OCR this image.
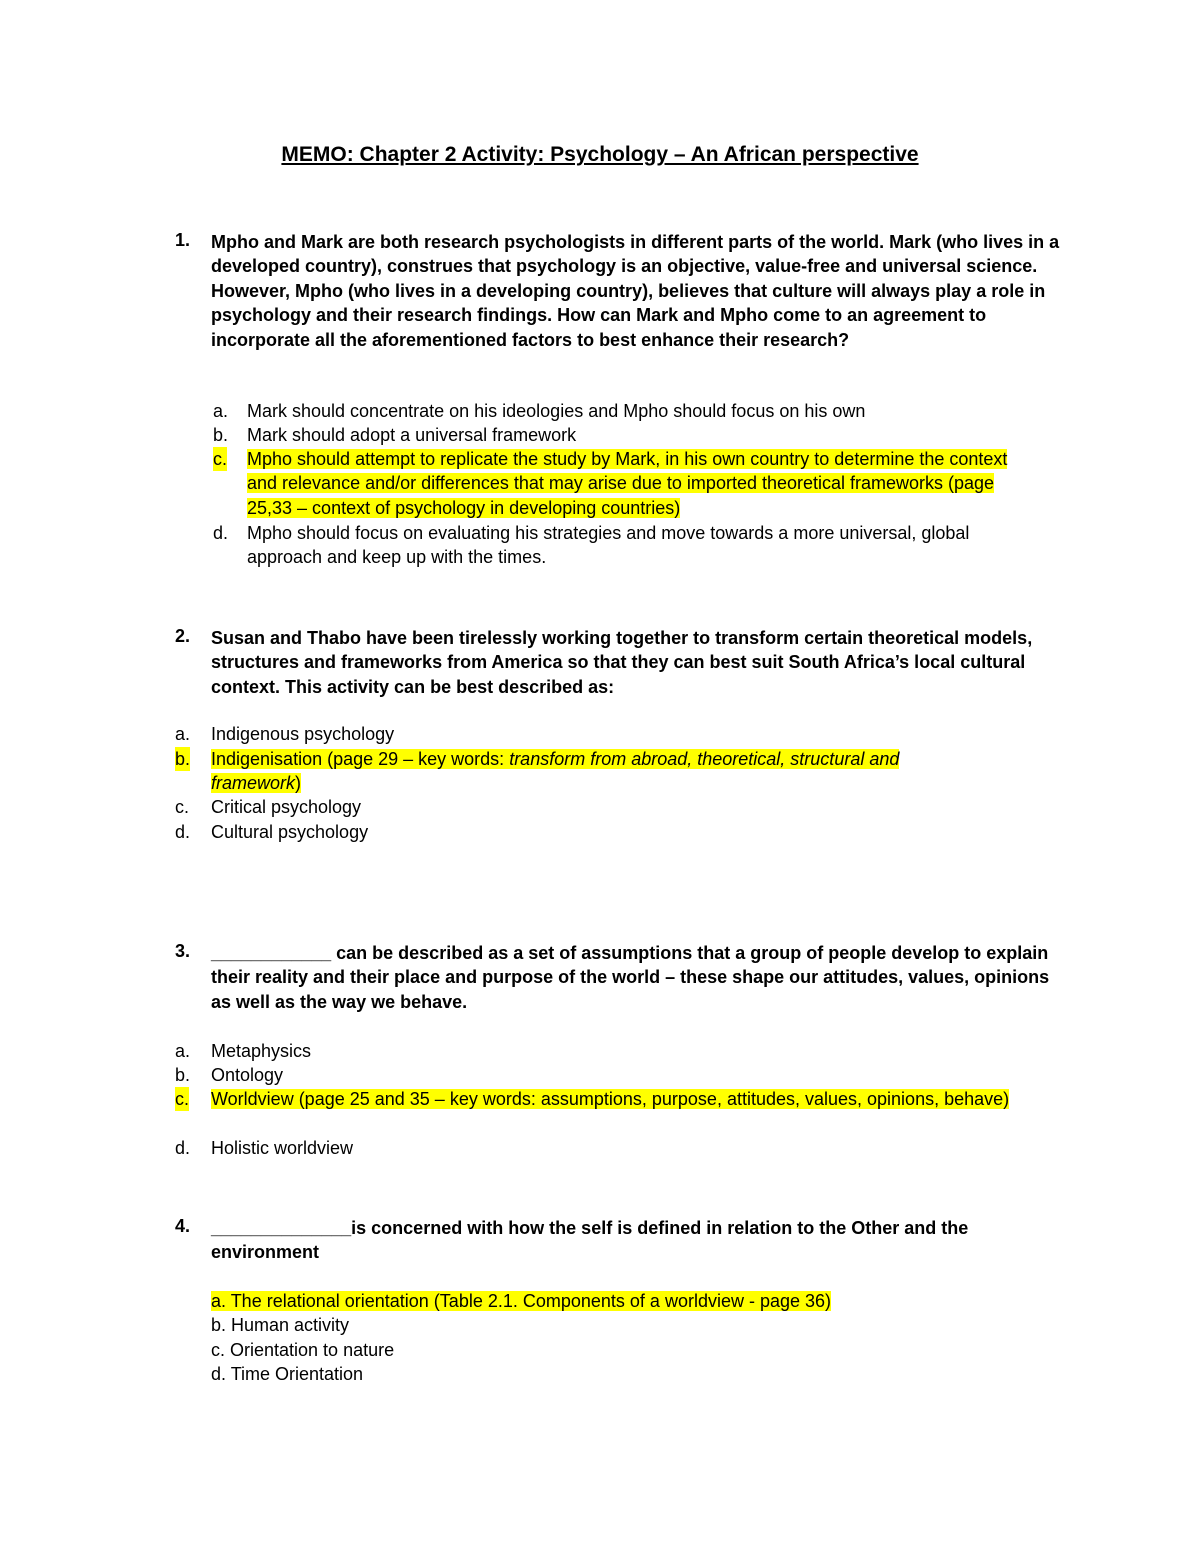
MEMO: Chapter 2 Activity: Psychology – An African perspective
1. Mpho and Mark are both research psychologists in different parts of the world. Mark (who lives in a developed country), construes that psychology is an objective, value-free and universal science. However, Mpho (who lives in a developing country), believes that culture will always play a role in psychology and their research findings. How can Mark and Mpho come to an agreement to incorporate all the aforementioned factors to best enhance their research?
a. Mark should concentrate on his ideologies and Mpho should focus on his own
b. Mark should adopt a universal framework
c. Mpho should attempt to replicate the study by Mark, in his own country to determine the context and relevance and/or differences that may arise due to imported theoretical frameworks (page 25,33 – context of psychology in developing countries)
d. Mpho should focus on evaluating his strategies and move towards a more universal, global approach and keep up with the times.
2. Susan and Thabo have been tirelessly working together to transform certain theoretical models, structures and frameworks from America so that they can best suit South Africa’s local cultural context. This activity can be best described as:
a. Indigenous psychology
b. Indigenisation (page 29 – key words: transform from abroad, theoretical, structural and framework)
c. Critical psychology
d. Cultural psychology
3. ____________ can be described as a set of assumptions that a group of people develop to explain their reality and their place and purpose of the world – these shape our attitudes, values, opinions as well as the way we behave.
a. Metaphysics
b. Ontology
c. Worldview (page 25 and 35 – key words: assumptions, purpose, attitudes, values, opinions, behave)
d. Holistic worldview
4. ______________is concerned with how the self is defined in relation to the Other and the environment
a. The relational orientation (Table 2.1. Components of a worldview - page 36)
b. Human activity
c. Orientation to nature
d. Time Orientation
